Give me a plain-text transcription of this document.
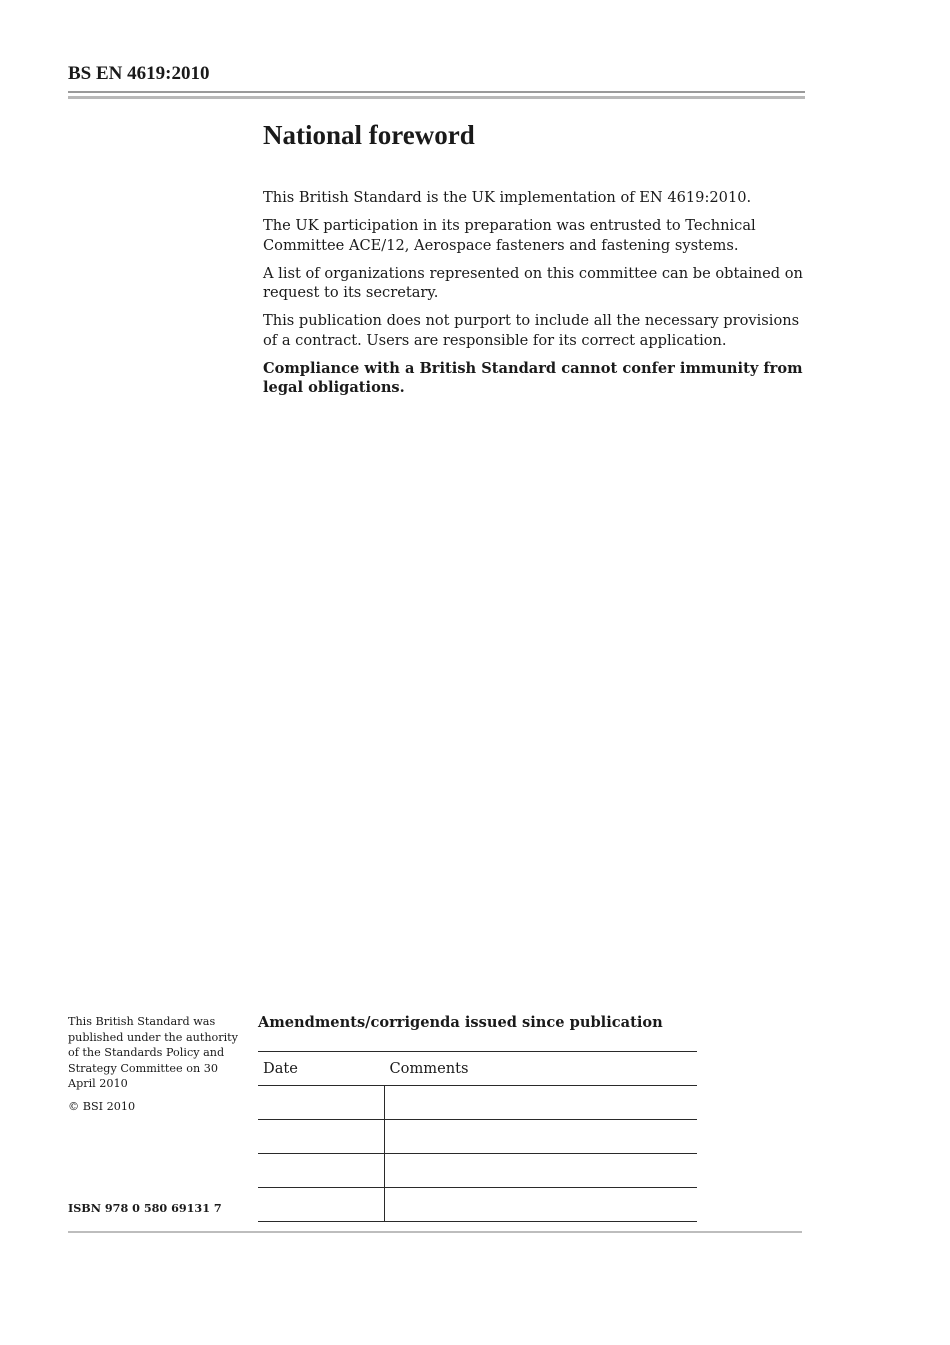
BS EN 4619:2010
National foreword

This British Standard is the UK implementation of EN 4619:2010.

The UK participation in its preparation was entrusted to Technical Committee ACE/12, Aerospace fasteners and fastening systems.

A list of organizations represented on this committee can be obtained on request to its secretary.

This publication does not purport to include all the necessary provisions of a contract. Users are responsible for its correct application.

Compliance with a British Standard cannot confer immunity from legal obligations.

This British Standard was published under the authority of the Standards Policy and Strategy Committee on 30 April 2010

© BSI 2010

ISBN 978 0 580 69131 7
Amendments/corrigenda issued since publication
Date	Comments
